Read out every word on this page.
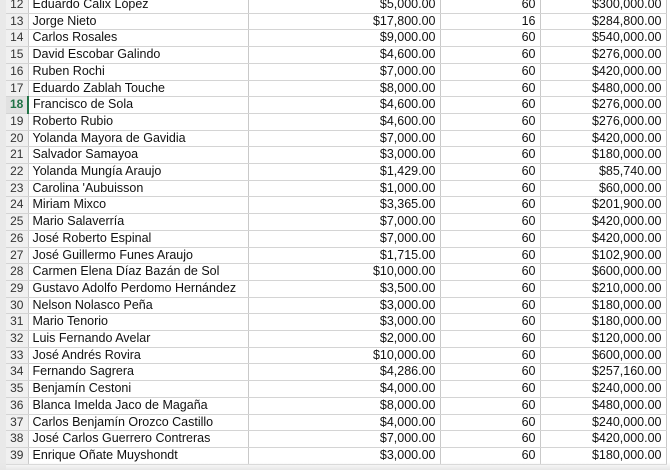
12	Eduardo Calix López	$5,000.00	60	$300,000.00
13	Jorge Nieto	$17,800.00	16	$284,800.00
14	Carlos Rosales	$9,000.00	60	$540,000.00
15	David Escobar Galindo	$4,600.00	60	$276,000.00
16	Ruben Rochi	$7,000.00	60	$420,000.00
17	Eduardo Zablah Touche	$8,000.00	60	$480,000.00
18	Francisco de Sola	$4,600.00	60	$276,000.00
19	Roberto Rubio	$4,600.00	60	$276,000.00
20	Yolanda Mayora de Gavidia	$7,000.00	60	$420,000.00
21	Salvador Samayoa	$3,000.00	60	$180,000.00
22	Yolanda Mungía Araujo	$1,429.00	60	$85,740.00
23	Carolina 'Aubuisson	$1,000.00	60	$60,000.00
24	Miriam Mixco	$3,365.00	60	$201,900.00
25	Mario Salaverría	$7,000.00	60	$420,000.00
26	José Roberto Espinal	$7,000.00	60	$420,000.00
27	José Guillermo Funes Araujo	$1,715.00	60	$102,900.00
28	Carmen Elena Díaz Bazán de Sol	$10,000.00	60	$600,000.00
29	Gustavo Adolfo Perdomo Hernández	$3,500.00	60	$210,000.00
30	Nelson Nolasco Peña	$3,000.00	60	$180,000.00
31	Mario Tenorio	$3,000.00	60	$180,000.00
32	Luis Fernando Avelar	$2,000.00	60	$120,000.00
33	José Andrés Rovira	$10,000.00	60	$600,000.00
34	Fernando Sagrera	$4,286.00	60	$257,160.00
35	Benjamín Cestoni	$4,000.00	60	$240,000.00
36	Blanca Imelda Jaco de Magaña	$8,000.00	60	$480,000.00
37	Carlos Benjamín Orozco Castillo	$4,000.00	60	$240,000.00
38	José Carlos Guerrero Contreras	$7,000.00	60	$420,000.00
39	Enrique Oñate Muyshondt	$3,000.00	60	$180,000.00
